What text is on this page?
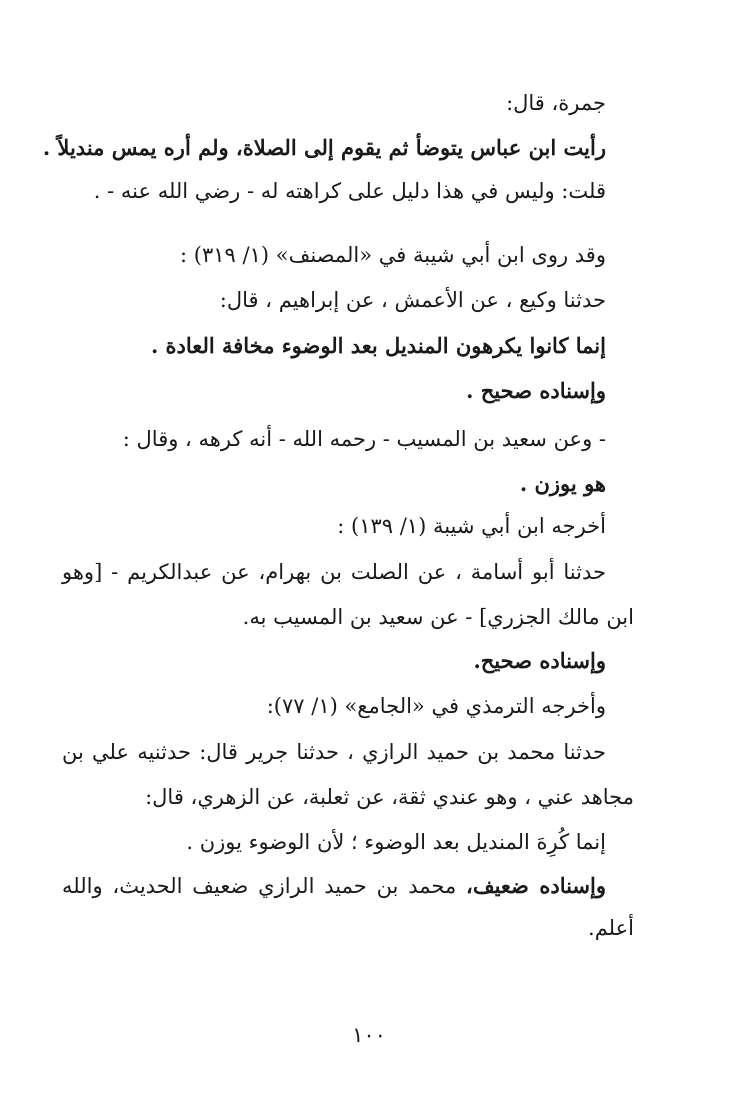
جمرة، قال:
رأيت ابن عباس يتوضأ ثم يقوم إلى الصلاة، ولم أره يمس منديلاً .
قلت: وليس في هذا دليل على كراهته له - رضي الله عنه - .
وقد روى ابن أبي شيبة في «المصنف» (١/ ٣١٩) :
حدثنا وكيع ، عن الأعمش ، عن إبراهيم ، قال:
إنما كانوا يكرهون المنديل بعد الوضوء مخافة العادة .
وإسناده صحيح .
- وعن سعيد بن المسيب - رحمه الله - أنه كرهه ، وقال :
هو يوزن .
أخرجه ابن أبي شيبة (١/ ١٣٩) :
حدثنا أبو أسامة ، عن الصلت بن بهرام، عن عبدالكريم - [وهو
ابن مالك الجزري] - عن سعيد بن المسيب به.
وإسناده صحيح.
وأخرجه الترمذي في «الجامع» (١/ ٧٧):
حدثنا محمد بن حميد الرازي ، حدثنا جرير قال: حدثنيه علي بن
مجاهد عني ، وهو عندي ثقة، عن ثعلبة، عن الزهري، قال:
إنما كُرِهَ المنديل بعد الوضوء ؛ لأن الوضوء يوزن .
وإسناده ضعيف، محمد بن حميد الرازي ضعيف الحديث، والله
أعلم.
١٠٠
